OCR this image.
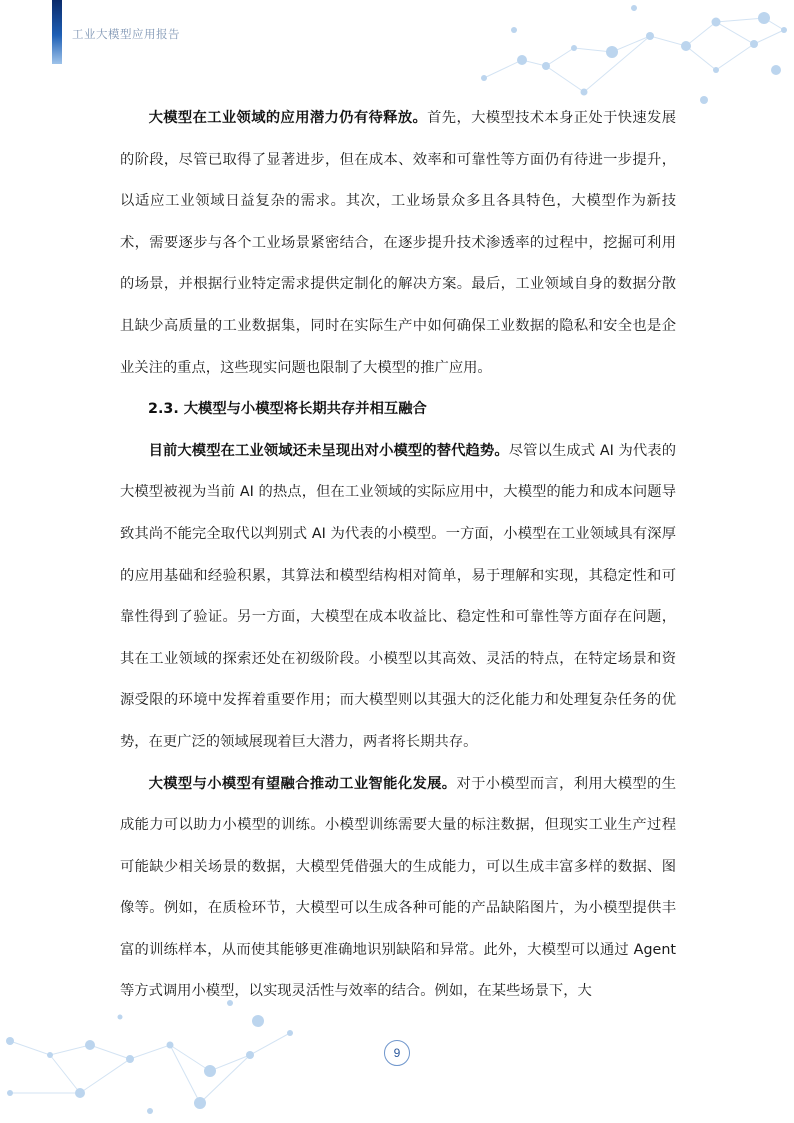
工业大模型应用报告

大模型在工业领域的应用潜力仍有待释放。首先，大模型技术本身正处于快速发展的阶段，尽管已取得了显著进步，但在成本、效率和可靠性等方面仍有待进一步提升，以适应工业领域日益复杂的需求。其次，工业场景众多且各具特色，大模型作为新技术，需要逐步与各个工业场景紧密结合，在逐步提升技术渗透率的过程中，挖掘可利用的场景，并根据行业特定需求提供定制化的解决方案。最后，工业领域自身的数据分散且缺少高质量的工业数据集，同时在实际生产中如何确保工业数据的隐私和安全也是企业关注的重点，这些现实问题也限制了大模型的推广应用。

2.3. 大模型与小模型将长期共存并相互融合

目前大模型在工业领域还未呈现出对小模型的替代趋势。尽管以生成式 AI 为代表的大模型被视为当前 AI 的热点，但在工业领域的实际应用中，大模型的能力和成本问题导致其尚不能完全取代以判别式 AI 为代表的小模型。一方面，小模型在工业领域具有深厚的应用基础和经验积累，其算法和模型结构相对简单，易于理解和实现，其稳定性和可靠性得到了验证。另一方面，大模型在成本收益比、稳定性和可靠性等方面存在问题，其在工业领域的探索还处在初级阶段。小模型以其高效、灵活的特点，在特定场景和资源受限的环境中发挥着重要作用；而大模型则以其强大的泛化能力和处理复杂任务的优势，在更广泛的领域展现着巨大潜力，两者将长期共存。

大模型与小模型有望融合推动工业智能化发展。对于小模型而言，利用大模型的生成能力可以助力小模型的训练。小模型训练需要大量的标注数据，但现实工业生产过程可能缺少相关场景的数据，大模型凭借强大的生成能力，可以生成丰富多样的数据、图像等。例如，在质检环节，大模型可以生成各种可能的产品缺陷图片，为小模型提供丰富的训练样本，从而使其能够更准确地识别缺陷和异常。此外，大模型可以通过 Agent 等方式调用小模型，以实现灵活性与效率的结合。例如，在某些场景下，大

9
